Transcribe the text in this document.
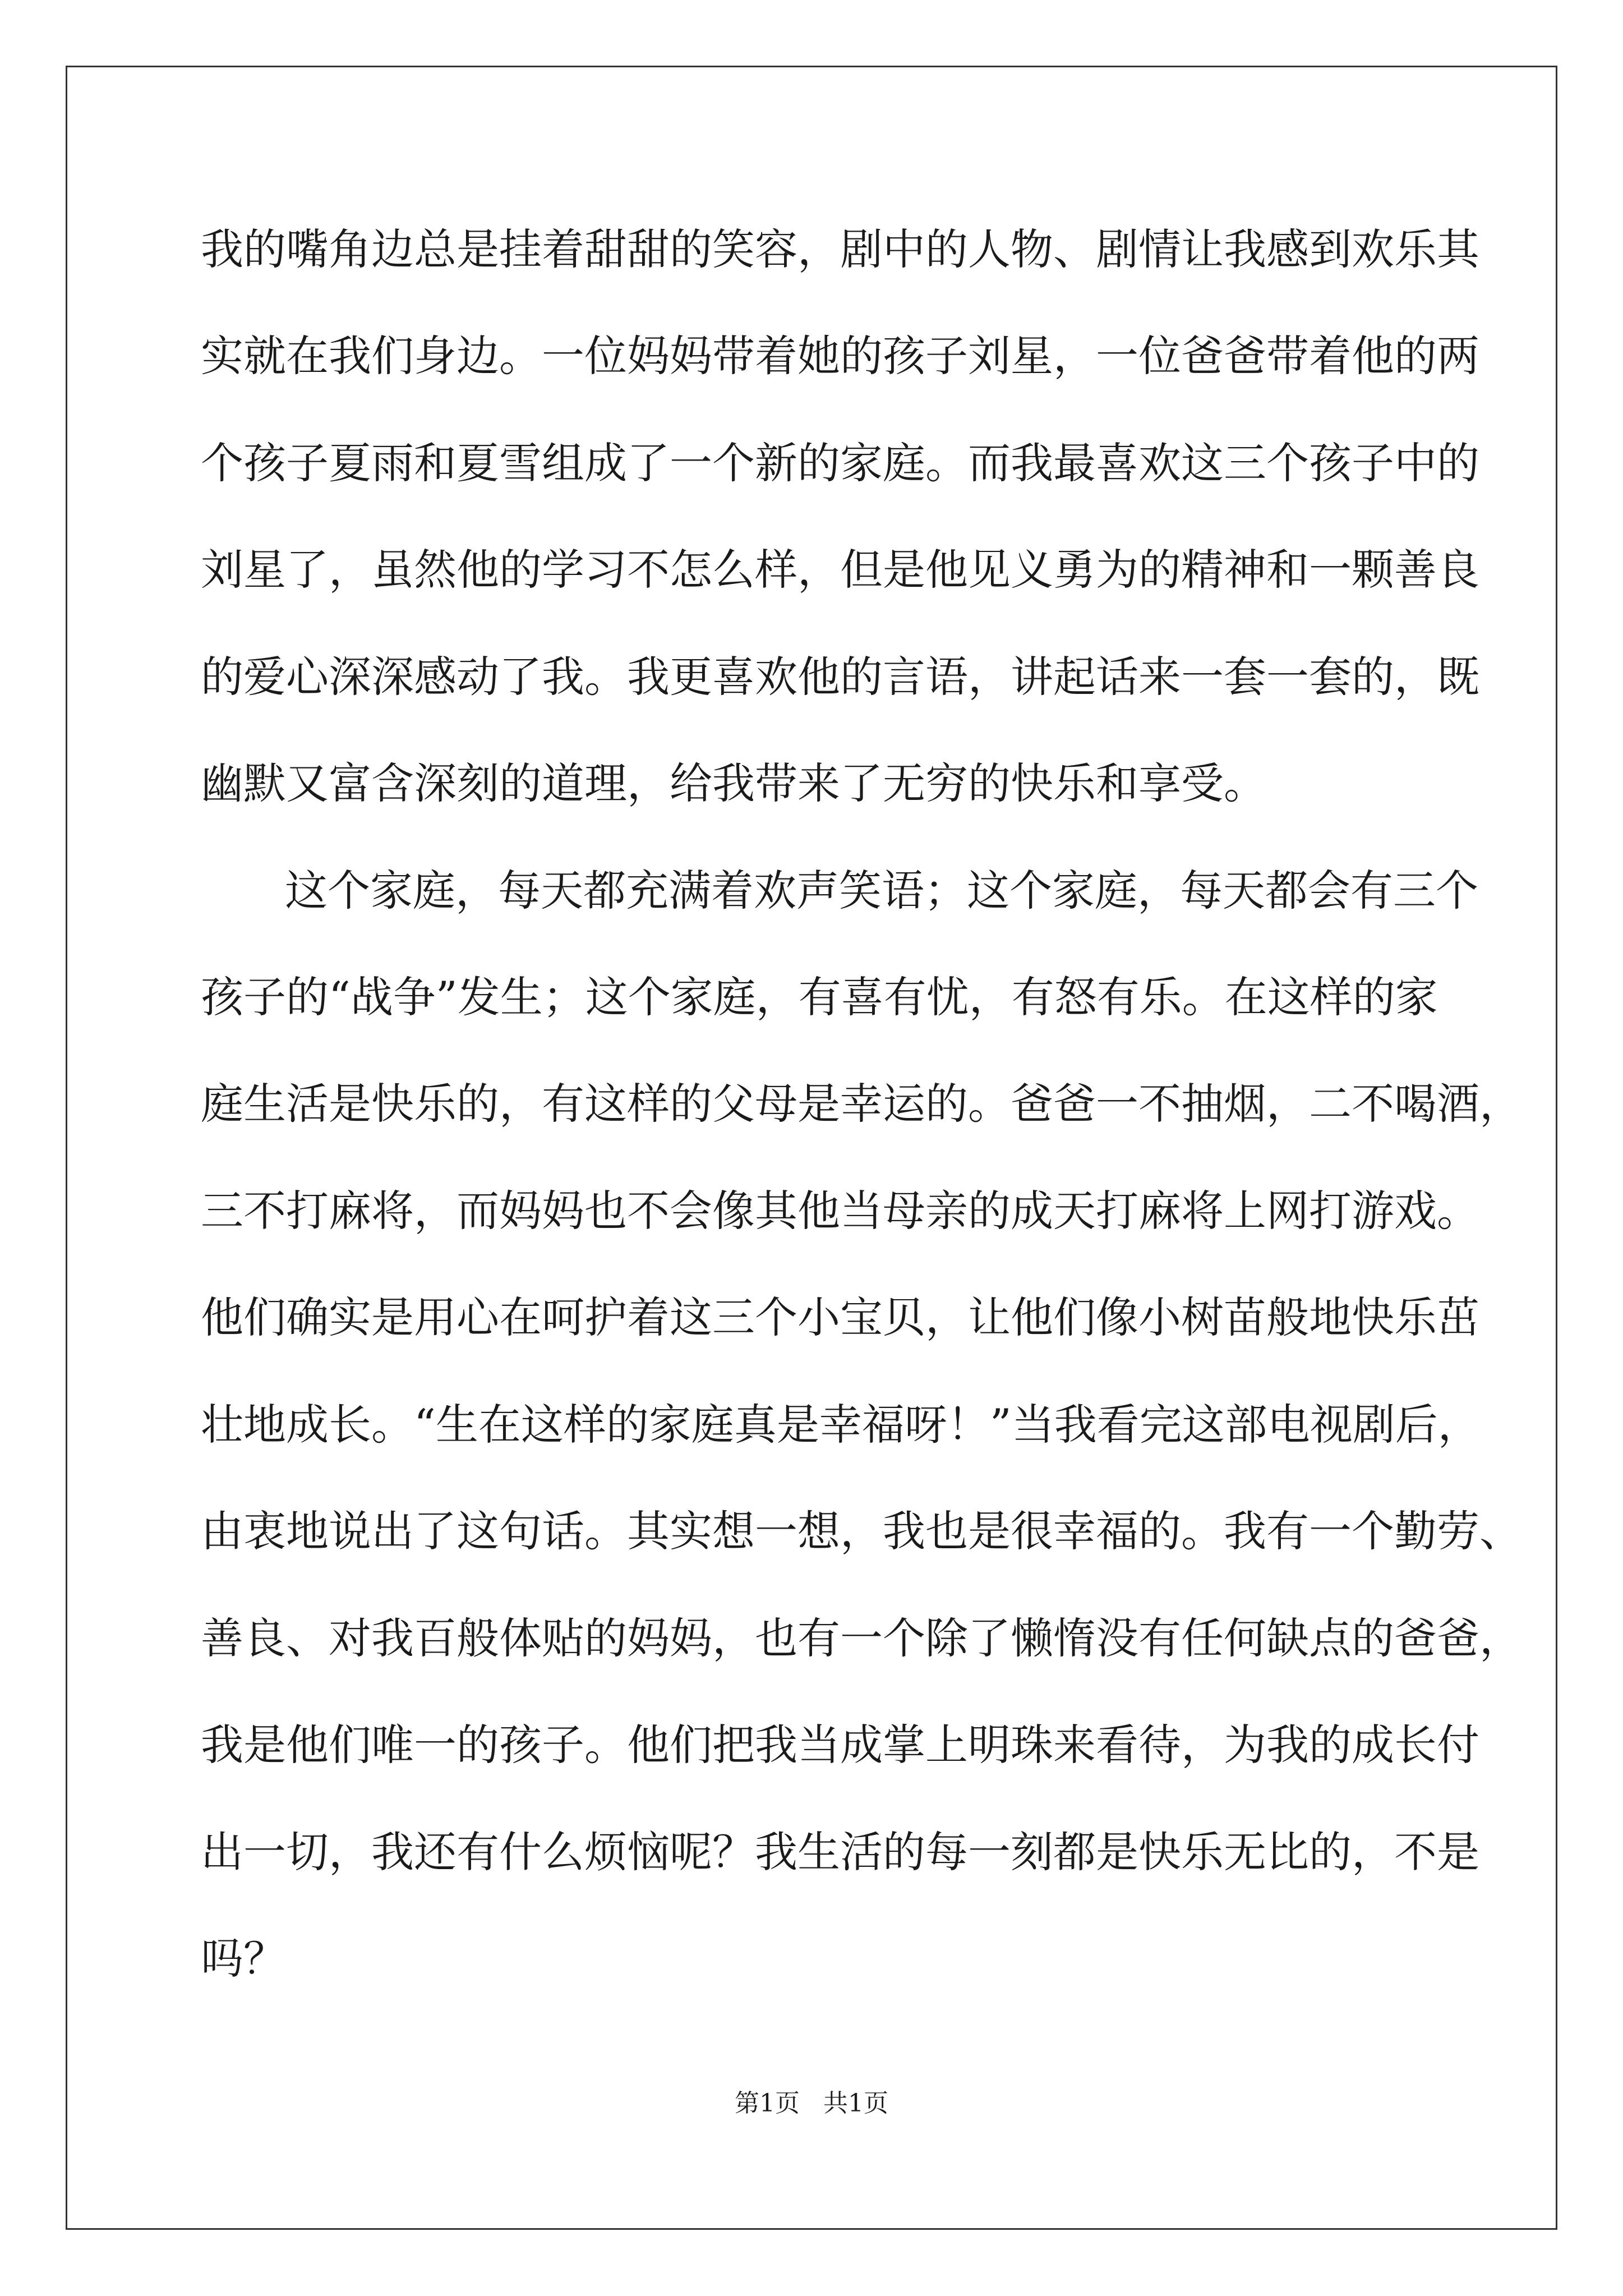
我的嘴角边总是挂着甜甜的笑容，剧中的人物、剧情让我感到欢乐其
实就在我们身边。一位妈妈带着她的孩子刘星，一位爸爸带着他的两
个孩子夏雨和夏雪组成了一个新的家庭。而我最喜欢这三个孩子中的
刘星了，虽然他的学习不怎么样，但是他见义勇为的精神和一颗善良
的爱心深深感动了我。我更喜欢他的言语，讲起话来一套一套的，既
幽默又富含深刻的道理，给我带来了无穷的快乐和享受。
这个家庭，每天都充满着欢声笑语；这个家庭，每天都会有三个
孩子的“战争”发生；这个家庭，有喜有忧，有怒有乐。在这样的家
庭生活是快乐的，有这样的父母是幸运的。爸爸一不抽烟，二不喝酒，
三不打麻将，而妈妈也不会像其他当母亲的成天打麻将上网打游戏。
他们确实是用心在呵护着这三个小宝贝，让他们像小树苗般地快乐茁
壮地成长。“生在这样的家庭真是幸福呀！”当我看完这部电视剧后，
由衷地说出了这句话。其实想一想，我也是很幸福的。我有一个勤劳、
善良、对我百般体贴的妈妈，也有一个除了懒惰没有任何缺点的爸爸，
我是他们唯一的孩子。他们把我当成掌上明珠来看待，为我的成长付
出一切，我还有什么烦恼呢？我生活的每一刻都是快乐无比的，不是
吗？
第1页   共1页
